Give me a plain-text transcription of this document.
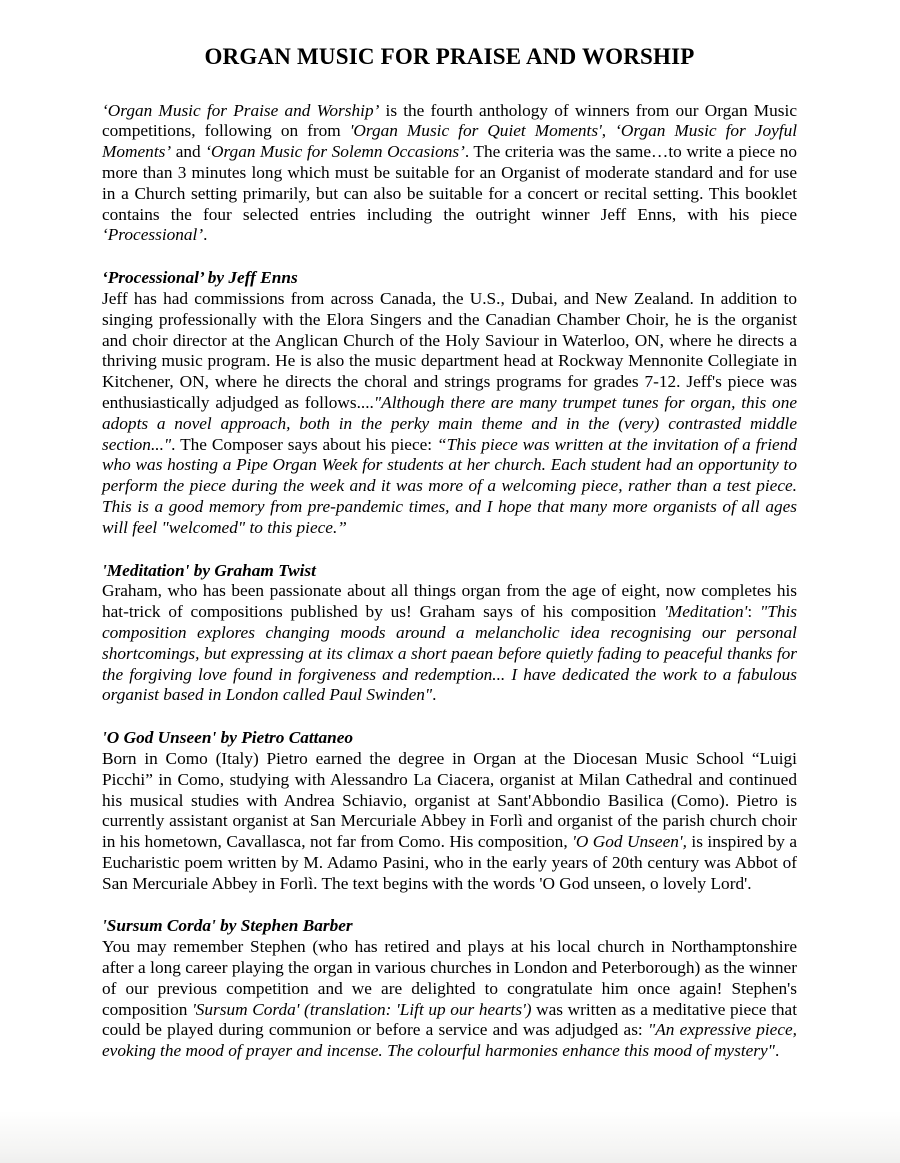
ORGAN MUSIC FOR PRAISE AND WORSHIP

‘Organ Music for Praise and Worship’ is the fourth anthology of winners from our Organ Music competitions, following on from 'Organ Music for Quiet Moments', ‘Organ Music for Joyful Moments’ and ‘Organ Music for Solemn Occasions’. The criteria was the same…to write a piece no more than 3 minutes long which must be suitable for an Organist of moderate standard and for use in a Church setting primarily, but can also be suitable for a concert or recital setting. This booklet contains the four selected entries including the outright winner Jeff Enns, with his piece ‘Processional’.

‘Processional’ by Jeff Enns

Jeff has had commissions from across Canada, the U.S., Dubai, and New Zealand. In addition to singing professionally with the Elora Singers and the Canadian Chamber Choir, he is the organist and choir director at the Anglican Church of the Holy Saviour in Waterloo, ON, where he directs a thriving music program. He is also the music department head at Rockway Mennonite Collegiate in Kitchener, ON, where he directs the choral and strings programs for grades 7-12. Jeff's piece was enthusiastically adjudged as follows...."Although there are many trumpet tunes for organ, this one adopts a novel approach, both in the perky main theme and in the (very) contrasted middle section...". The Composer says about his piece: “This piece was written at the invitation of a friend who was hosting a Pipe Organ Week for students at her church. Each student had an opportunity to perform the piece during the week and it was more of a welcoming piece, rather than a test piece. This is a good memory from pre-pandemic times, and I hope that many more organists of all ages will feel "welcomed" to this piece.”

'Meditation' by Graham Twist

Graham, who has been passionate about all things organ from the age of eight, now completes his hat-trick of compositions published by us! Graham says of his composition 'Meditation': "This composition explores changing moods around a melancholic idea recognising our personal shortcomings, but expressing at its climax a short paean before quietly fading to peaceful thanks for the forgiving love found in forgiveness and redemption... I have dedicated the work to a fabulous organist based in London called Paul Swinden".

'O God Unseen' by Pietro Cattaneo

Born in Como (Italy) Pietro earned the degree in Organ at the Diocesan Music School “Luigi Picchi” in Como, studying with Alessandro La Ciacera, organist at Milan Cathedral and continued his musical studies with Andrea Schiavio, organist at Sant'Abbondio Basilica (Como). Pietro is currently assistant organist at San Mercuriale Abbey in Forlì and organist of the parish church choir in his hometown, Cavallasca, not far from Como. His composition, 'O God Unseen', is inspired by a Eucharistic poem written by M. Adamo Pasini, who in the early years of 20th century was Abbot of San Mercuriale Abbey in Forlì. The text begins with the words 'O God unseen, o lovely Lord'.

'Sursum Corda' by Stephen Barber

You may remember Stephen (who has retired and plays at his local church in Northamptonshire after a long career playing the organ in various churches in London and Peterborough) as the winner of our previous competition and we are delighted to congratulate him once again! Stephen's composition 'Sursum Corda' (translation: 'Lift up our hearts') was written as a meditative piece that could be played during communion or before a service and was adjudged as: "An expressive piece, evoking the mood of prayer and incense. The colourful harmonies enhance this mood of mystery".
